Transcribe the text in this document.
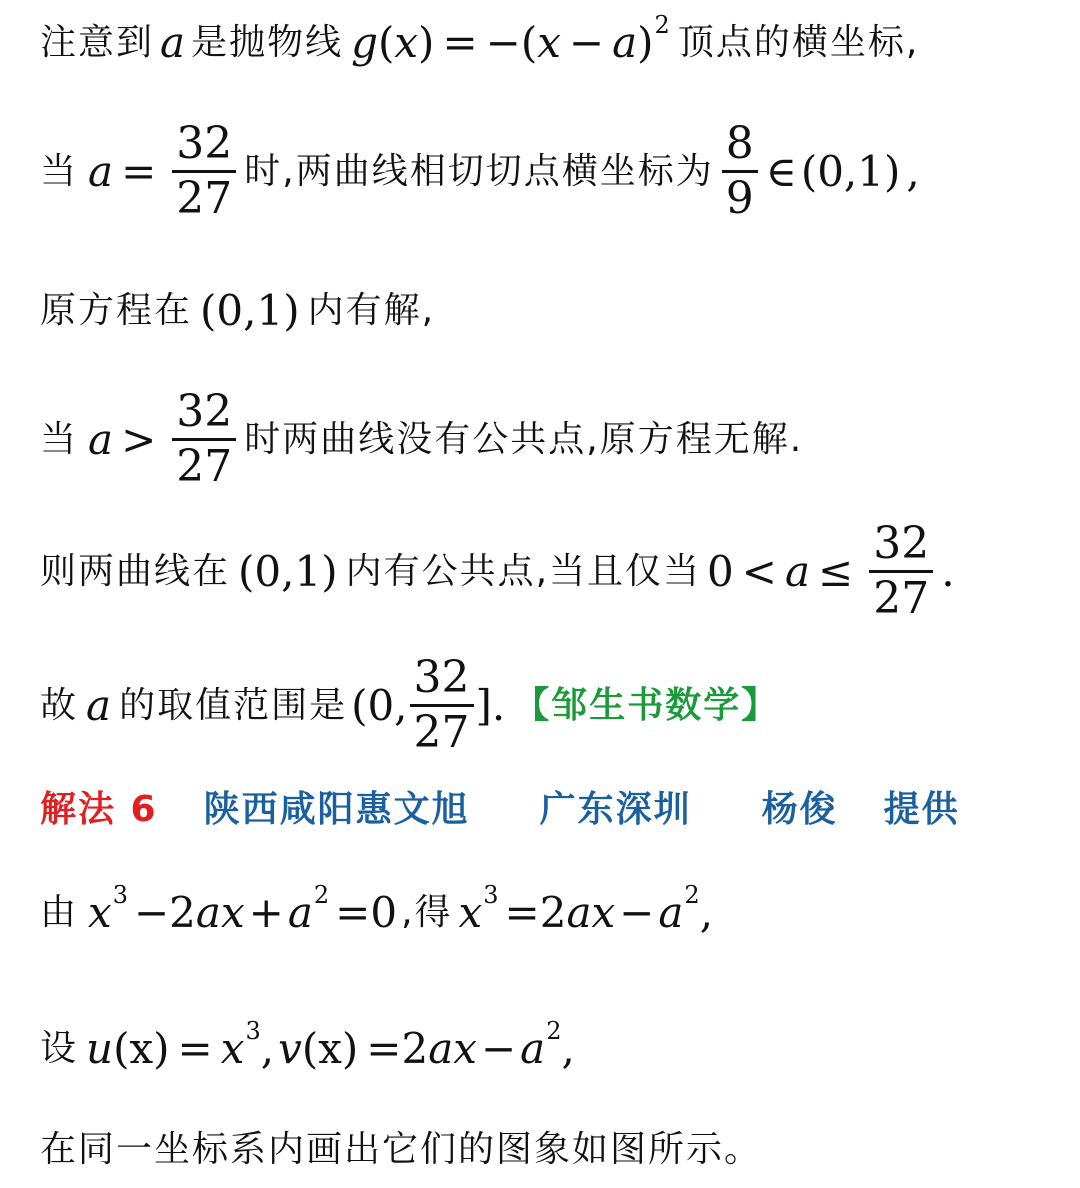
注意到 a 是抛物线 g ( x ) = −( x − a ) 2 顶点的横坐标,
当 $a = \frac{32}{27}$ 时,两曲线相切切点横坐标为 $\frac{8}{9}$ ∈ (0,1) ,
原方程在 (0,1) 内有解,
当 $a > \frac{32}{27}$ 时两曲线没有公共点,原方程无解.
则两曲线在 (0,1) 内有公共点,当且仅当 $0 < a \le \frac{32}{27}$ .
故 a 的取值范围是 (0, $\frac{32}{27}$ ]. 【邹生书数学】
解法 6 陕西咸阳惠文旭 广东深圳 杨俊 提供
由 x 3 −2 ax + a 2 =0 ,得 x 3 =2 ax − a 2 ,
设 u (x) = x 3 , v (x) =2 ax − a 2 ,
在同一坐标系内画出它们的图象如图所示。
